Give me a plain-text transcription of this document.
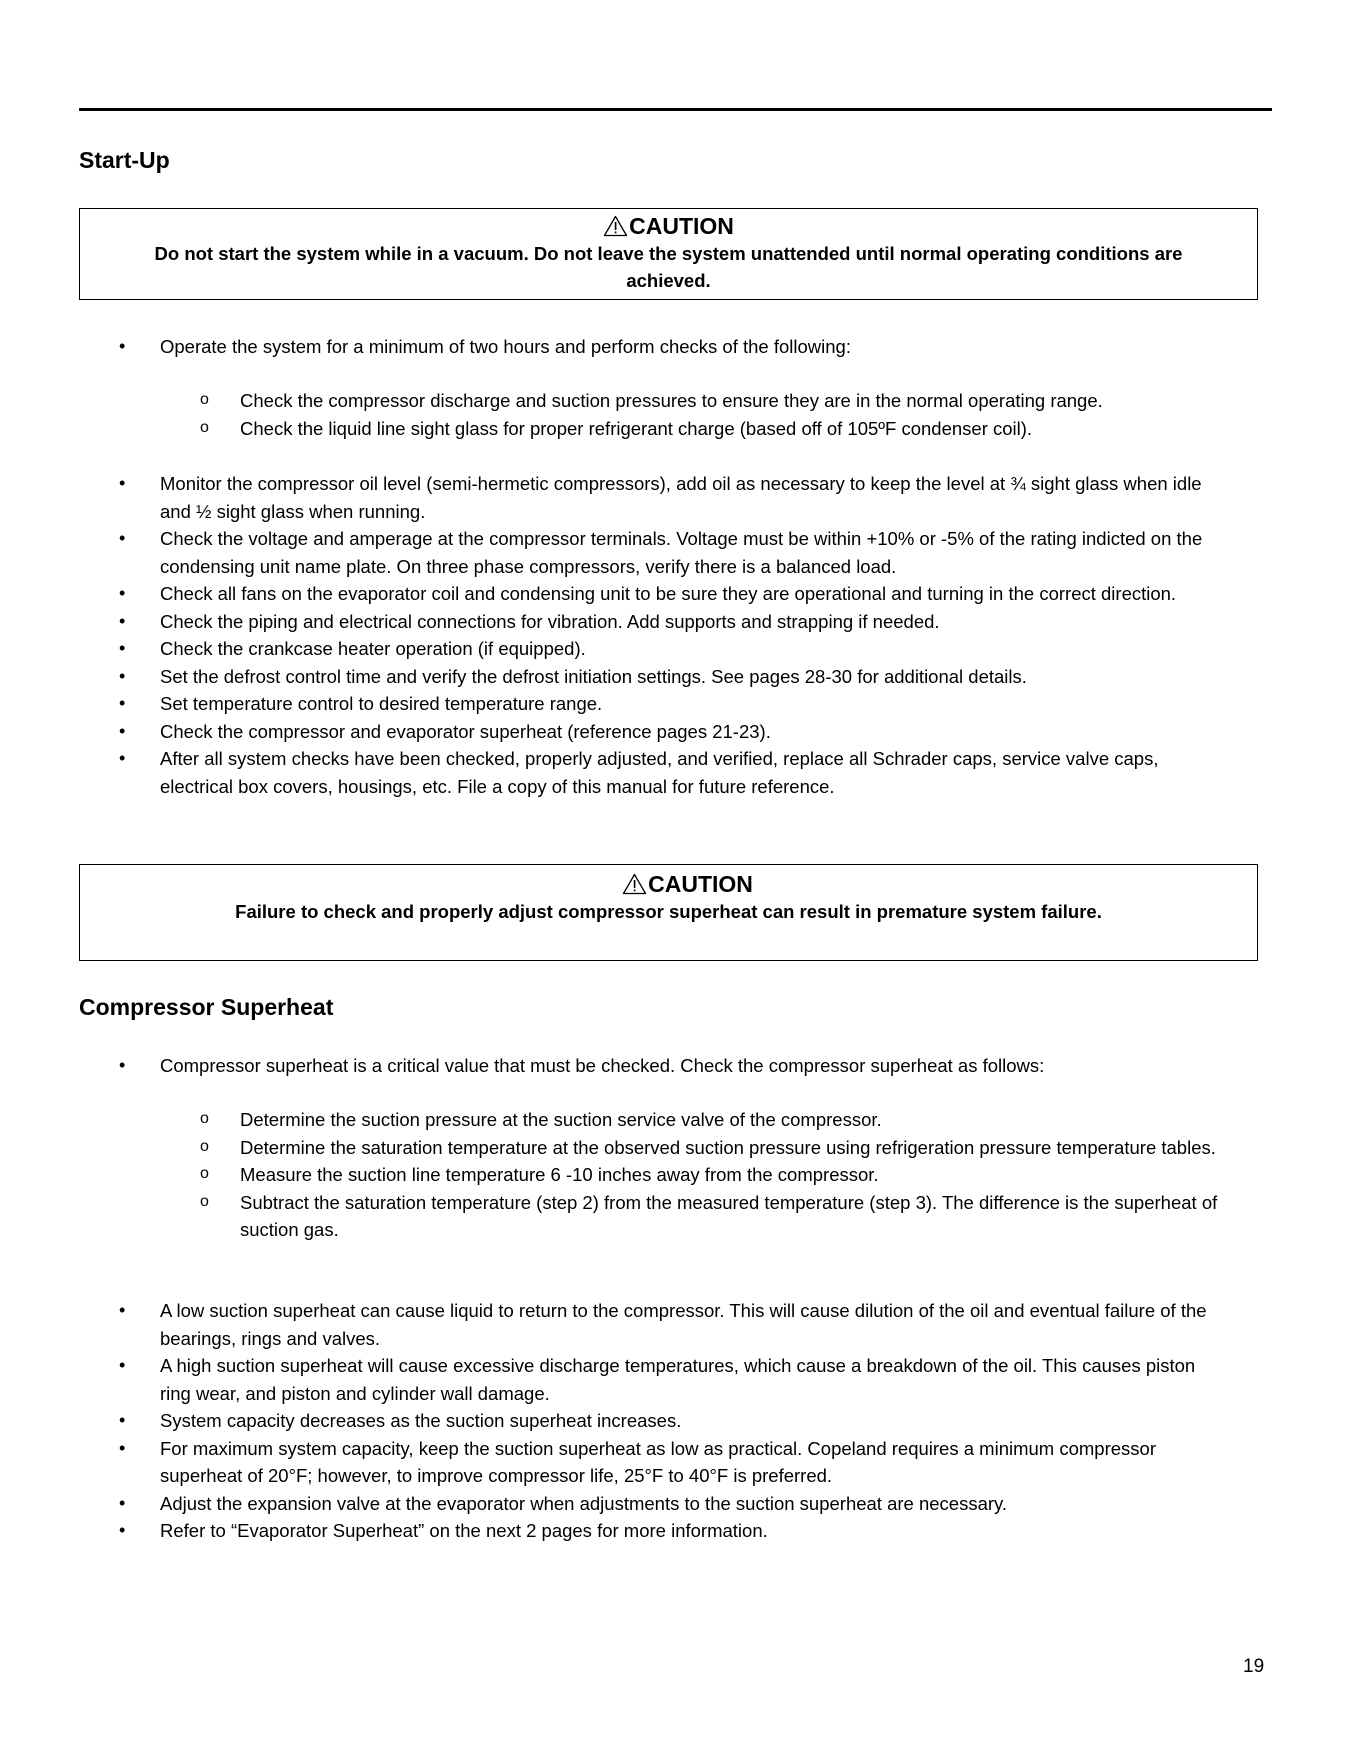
Start-Up
CAUTION
Do not start the system while in a vacuum. Do not leave the system unattended until normal operating conditions are achieved.
• Operate the system for a minimum of two hours and perform checks of the following:
o Check the compressor discharge and suction pressures to ensure they are in the normal operating range.
o Check the liquid line sight glass for proper refrigerant charge (based off of 105ºF condenser coil).
• Monitor the compressor oil level (semi-hermetic compressors), add oil as necessary to keep the level at ¾ sight glass when idle and ½ sight glass when running.
• Check the voltage and amperage at the compressor terminals. Voltage must be within +10% or -5% of the rating indicted on the condensing unit name plate. On three phase compressors, verify there is a balanced load.
• Check all fans on the evaporator coil and condensing unit to be sure they are operational and turning in the correct direction.
• Check the piping and electrical connections for vibration. Add supports and strapping if needed.
• Check the crankcase heater operation (if equipped).
• Set the defrost control time and verify the defrost initiation settings. See pages 28-30 for additional details.
• Set temperature control to desired temperature range.
• Check the compressor and evaporator superheat (reference pages 21-23).
• After all system checks have been checked, properly adjusted, and verified, replace all Schrader caps, service valve caps, electrical box covers, housings, etc. File a copy of this manual for future reference.
CAUTION
Failure to check and properly adjust compressor superheat can result in premature system failure.
Compressor Superheat
• Compressor superheat is a critical value that must be checked. Check the compressor superheat as follows:
o Determine the suction pressure at the suction service valve of the compressor.
o Determine the saturation temperature at the observed suction pressure using refrigeration pressure temperature tables.
o Measure the suction line temperature 6 -10 inches away from the compressor.
o Subtract the saturation temperature (step 2) from the measured temperature (step 3). The difference is the superheat of suction gas.
• A low suction superheat can cause liquid to return to the compressor. This will cause dilution of the oil and eventual failure of the bearings, rings and valves.
• A high suction superheat will cause excessive discharge temperatures, which cause a breakdown of the oil. This causes piston ring wear, and piston and cylinder wall damage.
• System capacity decreases as the suction superheat increases.
• For maximum system capacity, keep the suction superheat as low as practical. Copeland requires a minimum compressor superheat of 20°F; however, to improve compressor life, 25°F to 40°F is preferred.
• Adjust the expansion valve at the evaporator when adjustments to the suction superheat are necessary.
• Refer to “Evaporator Superheat” on the next 2 pages for more information.
19
